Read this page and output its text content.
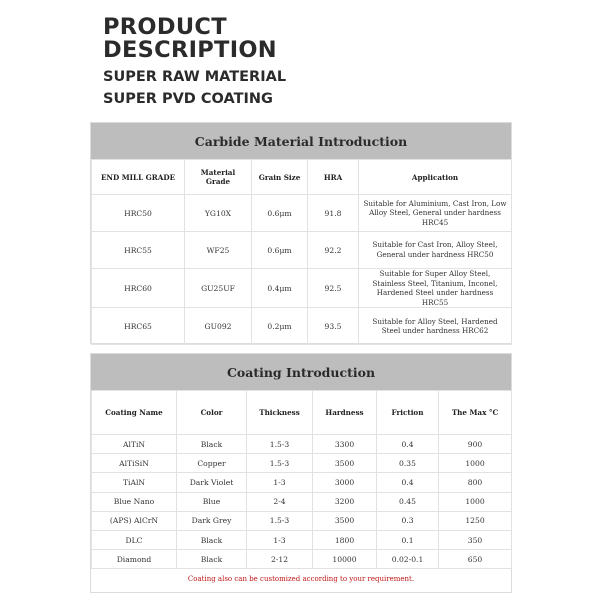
PRODUCT
DESCRIPTION
SUPER RAW MATERIAL
SUPER PVD COATING
Carbide Material Introduction
END MILL GRADE	Material Grade	Grain Size	HRA	Application
HRC50	YG10X	0.6μm	91.8	Suitable for Aluminium, Cast Iron, Low Alloy Steel, General under hardness HRC45
HRC55	WF25	0.6μm	92.2	Suitable for Cast Iron, Alloy Steel, General under hardness HRC50
HRC60	GU25UF	0.4μm	92.5	Suitable for Super Alloy Steel, Stainless Steel, Titanium, Inconel, Hardened Steel under hardness HRC55
HRC65	GU092	0.2μm	93.5	Suitable for Alloy Steel, Hardened Steel under hardness HRC62
Coating Introduction
Coating Name	Color	Thickness	Hardness	Friction	The Max °C
AlTiN	Black	1.5-3	3300	0.4	900
AlTiSiN	Copper	1.5-3	3500	0.35	1000
TiAlN	Dark Violet	1-3	3000	0.4	800
Blue Nano	Blue	2-4	3200	0.45	1000
(APS) AlCrN	Dark Grey	1.5-3	3500	0.3	1250
DLC	Black	1-3	1800	0.1	350
Diamond	Black	2-12	10000	0.02-0.1	650
Coating also can be customized according to your requirement.
